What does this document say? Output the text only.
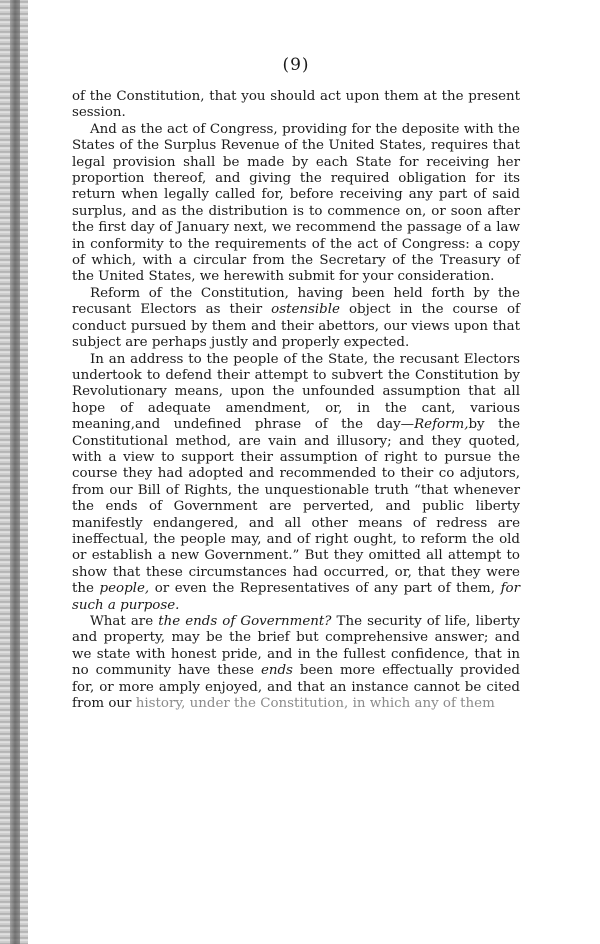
(9)

of the Constitution, that you should act upon them at the present session.

And as the act of Congress, providing for the deposite with the States of the Surplus Revenue of the United States, requires that legal provision shall be made by each State for receiving her proportion thereof, and giving the required obligation for its return when legally called for, before receiving any part of said surplus, and as the distribution is to commence on, or soon after the first day of January next, we recommend the passage of a law in conformity to the requirements of the act of Congress: a copy of which, with a circular from the Secretary of the Treasury of the United States, we herewith submit for your consideration.

Reform of the Constitution, having been held forth by the recusant Electors as their ostensible object in the course of conduct pursued by them and their abettors, our views upon that subject are perhaps justly and properly expected.

In an address to the people of the State, the recusant Electors undertook to defend their attempt to subvert the Constitution by Revolutionary means, upon the unfounded assumption that all hope of adequate amendment, or, in the cant, various meaning,and undefined phrase of the day—Reform,by the Constitutional method, are vain and illusory; and they quoted, with a view to support their assumption of right to pursue the course they had adopted and recommended to their co adjutors, from our Bill of Rights, the unquestionable truth “that whenever the ends of Government are perverted, and public liberty manifestly endangered, and all other means of redress are ineffectual, the people may, and of right ought, to reform the old or establish a new Government.” But they omitted all attempt to show that these circumstances had occurred, or, that they were the people, or even the Representatives of any part of them, for such a purpose.

What are the ends of Government? The security of life, liberty and property, may be the brief but comprehensive answer; and we state with honest pride, and in the fullest confidence, that in no community have these ends been more effectually provided for, or more amply enjoyed, and that an instance cannot be cited from our history, under the Constitution, in which any of them
